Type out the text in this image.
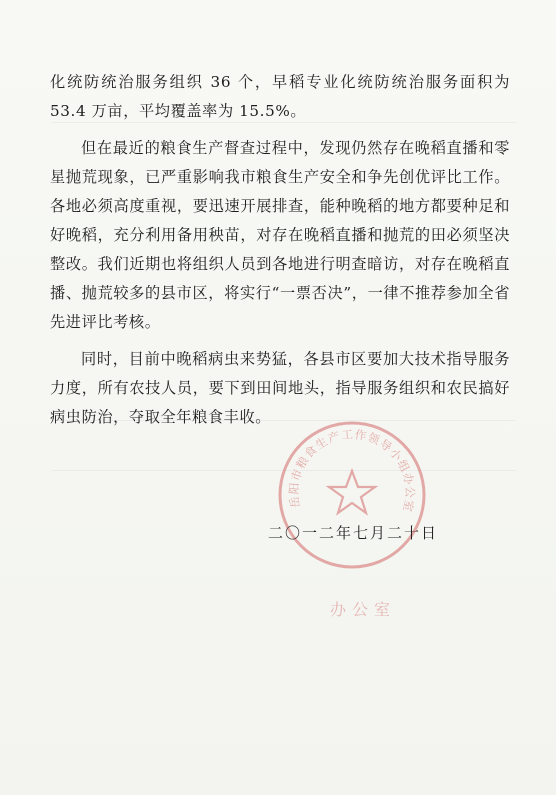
化统防统治服务组织 36 个，早稻专业化统防统治服务面积为53.4 万亩，平均覆盖率为 15.5%。

但在最近的粮食生产督查过程中，发现仍然存在晚稻直播和零星抛荒现象，已严重影响我市粮食生产安全和争先创优评比工作。各地必须高度重视，要迅速开展排查，能种晚稻的地方都要种足和好晚稻，充分利用备用秧苗，对存在晚稻直播和抛荒的田必须坚决整改。我们近期也将组织人员到各地进行明查暗访，对存在晚稻直播、抛荒较多的县市区，将实行“一票否决”，一律不推荐参加全省先进评比考核。

同时，目前中晚稻病虫来势猛，各县市区要加大技术指导服务力度，所有农技人员，要下到田间地头，指导服务组织和农民搞好病虫防治，夺取全年粮食丰收。

岳阳市粮食生产工作领导小组办公室
二〇一二年七月二十日
办公室
